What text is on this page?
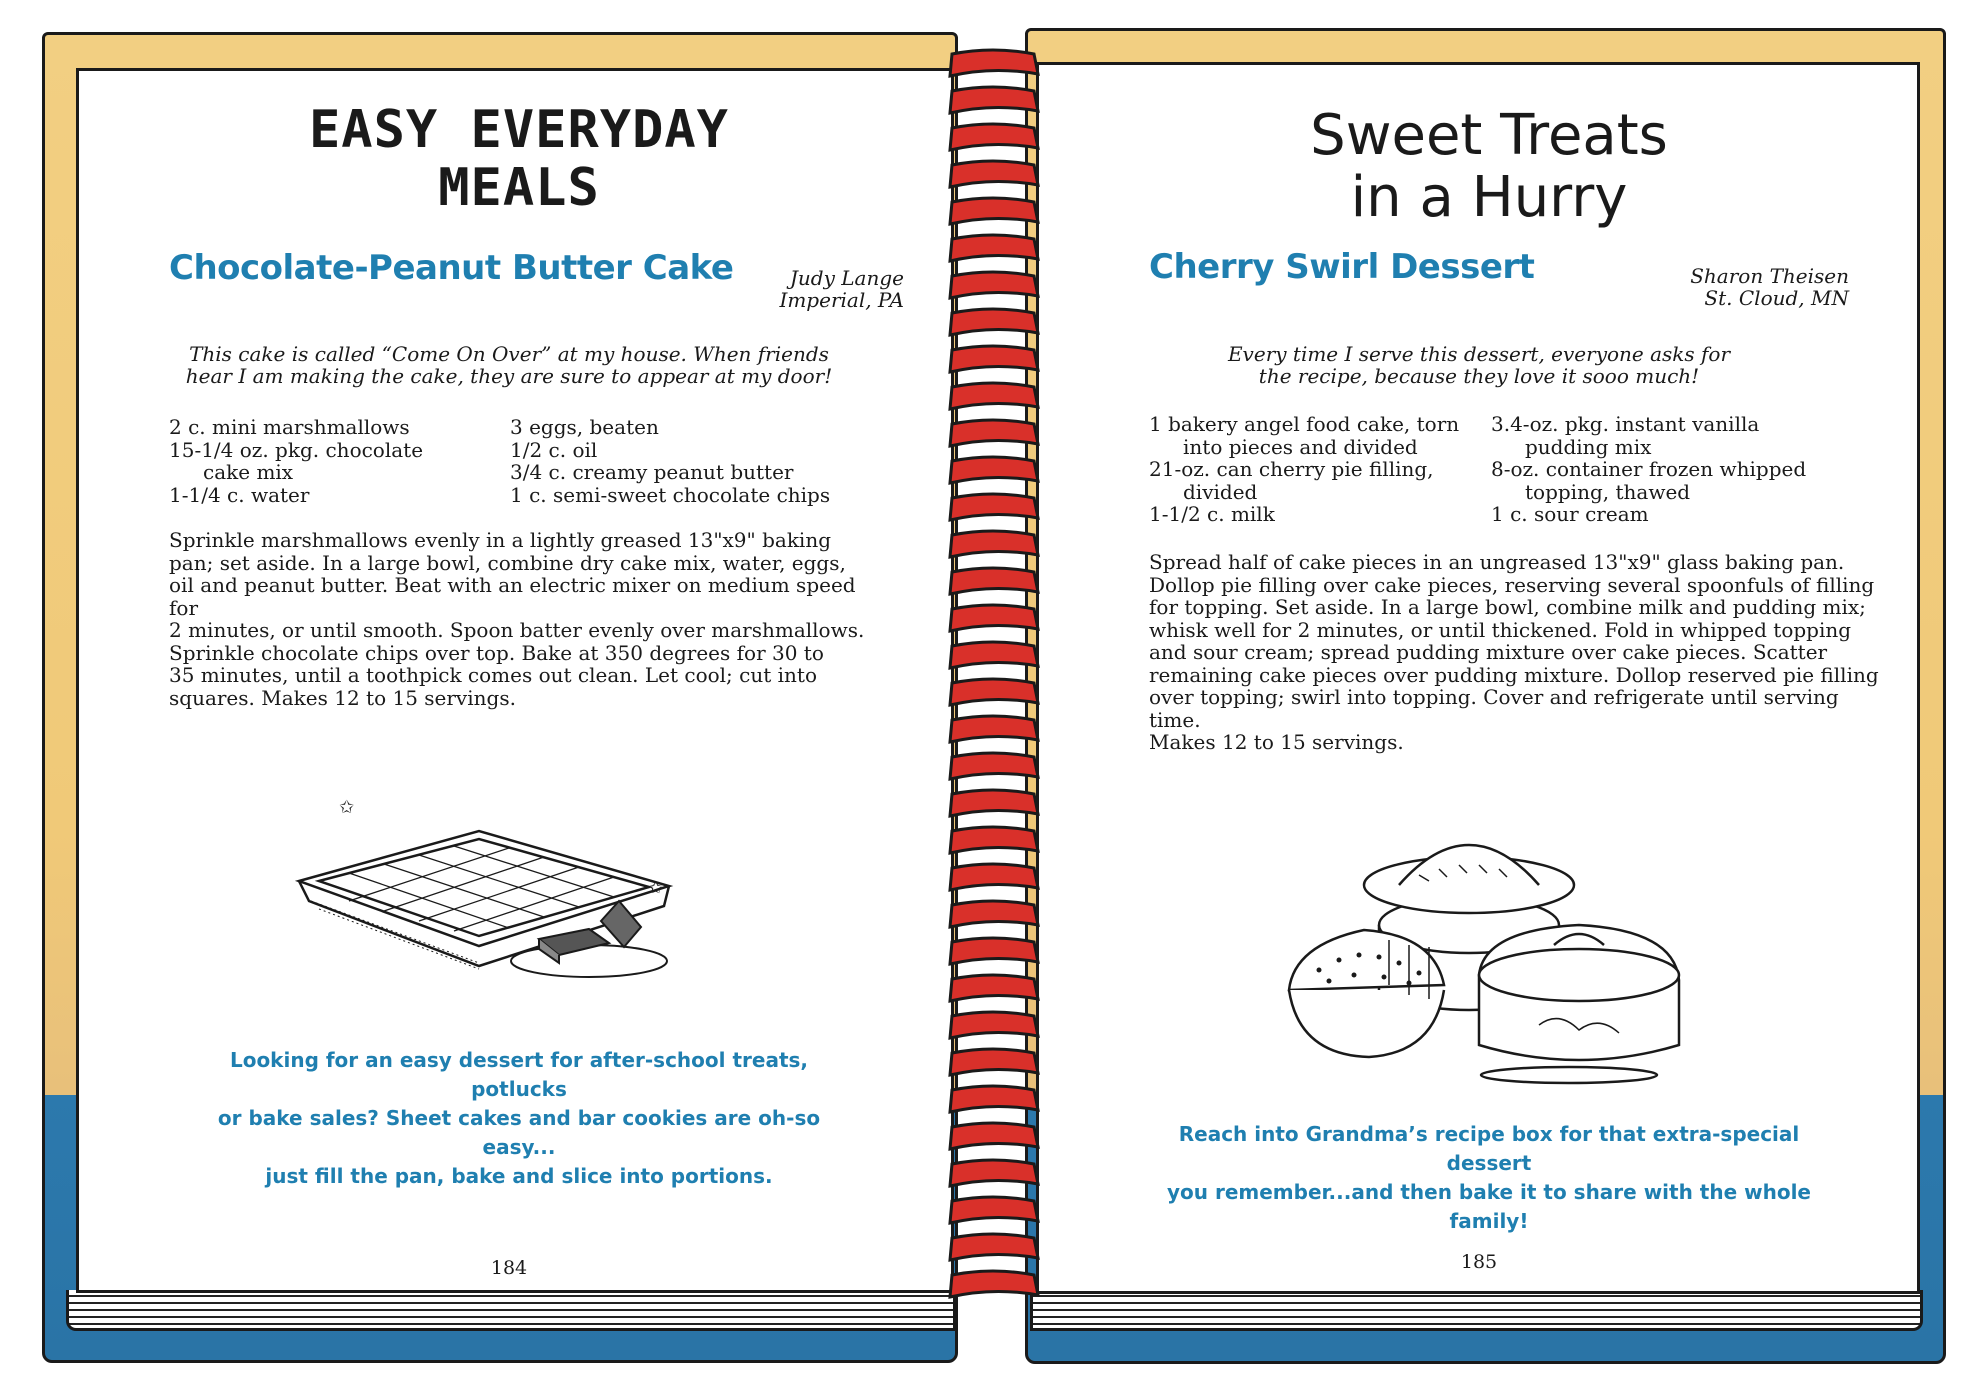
EASY EVERYDAY
MEALS
Chocolate-Peanut Butter Cake	Judy Lange
Imperial, PA
This cake is called “Come On Over” at my house. When friends
hear I am making the cake, they are sure to appear at my door!
2 c. mini marshmallows
15-1/4 oz. pkg. chocolate
cake mix
1-1/4 c. water
3 eggs, beaten
1/2 c. oil
3/4 c. creamy peanut butter
1 c. semi-sweet chocolate chips
Sprinkle marshmallows evenly in a lightly greased 13"x9" baking
pan; set aside. In a large bowl, combine dry cake mix, water, eggs,
oil and peanut butter. Beat with an electric mixer on medium speed for
2 minutes, or until smooth. Spoon batter evenly over marshmallows.
Sprinkle chocolate chips over top. Bake at 350 degrees for 30 to
35 minutes, until a toothpick comes out clean. Let cool; cut into
squares. Makes 12 to 15 servings.
✩
✩
Looking for an easy dessert for after-school treats, potlucks
or bake sales? Sheet cakes and bar cookies are oh-so easy...
just fill the pan, bake and slice into portions.
184
Sweet Treats
in a Hurry
Cherry Swirl Dessert	Sharon Theisen
St. Cloud, MN
Every time I serve this dessert, everyone asks for
the recipe, because they love it sooo much!
1 bakery angel food cake, torn
into pieces and divided
21-oz. can cherry pie filling,
divided
1-1/2 c. milk
3.4-oz. pkg. instant vanilla
pudding mix
8-oz. container frozen whipped
topping, thawed
1 c. sour cream
Spread half of cake pieces in an ungreased 13"x9" glass baking pan.
Dollop pie filling over cake pieces, reserving several spoonfuls of filling
for topping. Set aside. In a large bowl, combine milk and pudding mix;
whisk well for 2 minutes, or until thickened. Fold in whipped topping
and sour cream; spread pudding mixture over cake pieces. Scatter
remaining cake pieces over pudding mixture. Dollop reserved pie filling
over topping; swirl into topping. Cover and refrigerate until serving time.
Makes 12 to 15 servings.
Reach into Grandma’s recipe box for that extra-special dessert
you remember...and then bake it to share with the whole family!
185
